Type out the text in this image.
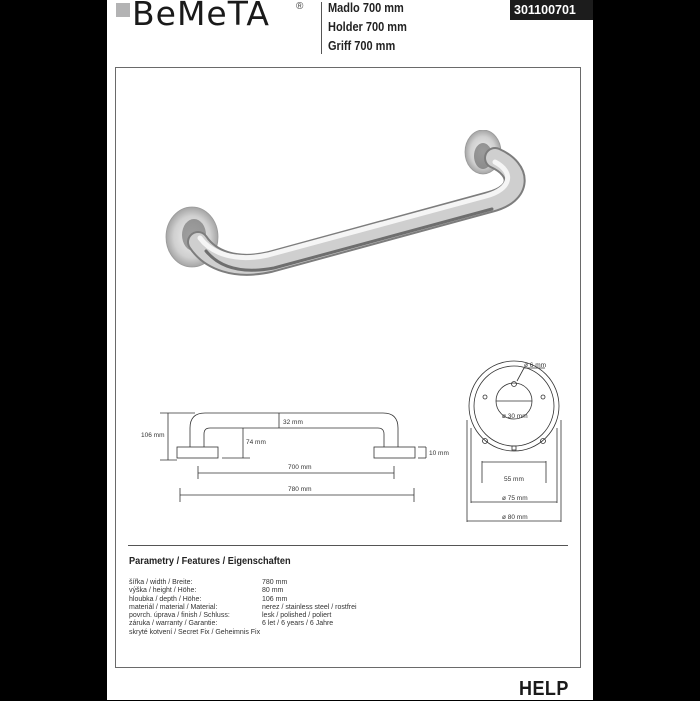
BeMeTA	® Madlo 700 mm
Holder 700 mm
Griff 700 mm
301100701
106 mm
32 mm
74 mm
10 mm
700 mm
780 mm
ø 6 mm
ø 30 mm
55 mm
ø 75 mm
ø 80 mm
Parametry / Features / Eigenschaften
šířka / width / Breite:	780 mm
výška / height / Höhe:	80 mm
hloubka / depth / Höhe:	106 mm
materiál / material / Material:	nerez / stainless steel / rostfrei
povrch. úprava / finish / Schluss:	lesk / polished / poliert
záruka / warranty / Garantie:	6 let / 6 years / 6 Jahre
skryté kotvení / Secret Fix / Geheimnis Fix
HELP
